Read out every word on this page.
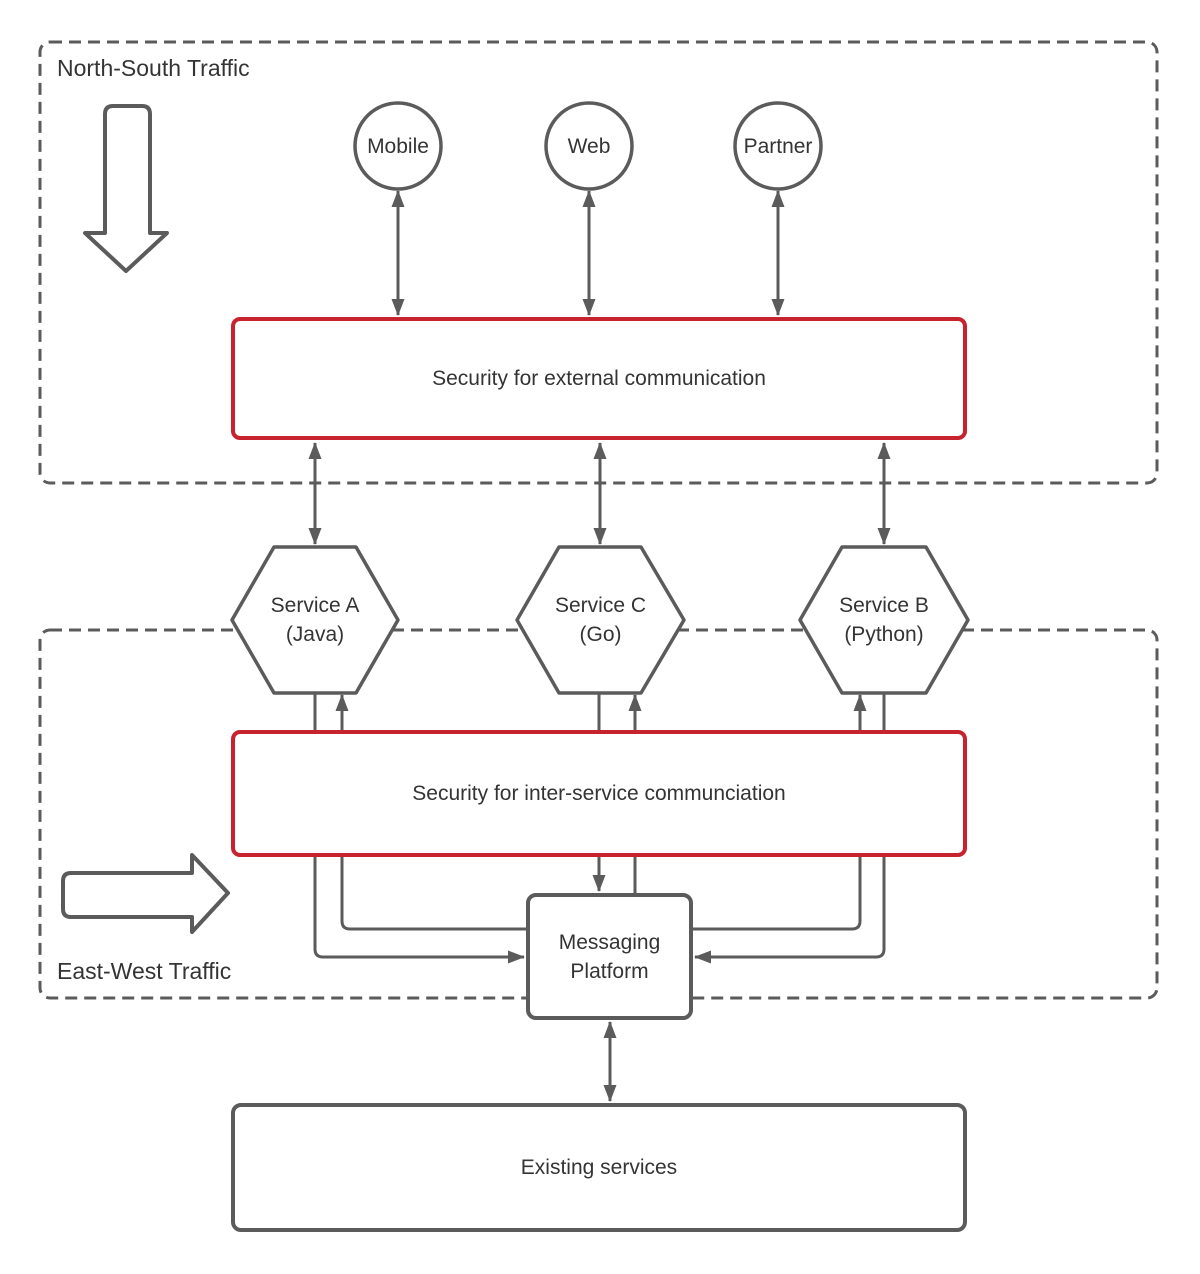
North-South Traffic
East-West Traffic
Mobile	Web	Partner
Security for external communication
Security for inter-service communciation
Service A
(Java)
Service C
(Go)
Service B
(Python)
Messaging
Platform
Existing services
